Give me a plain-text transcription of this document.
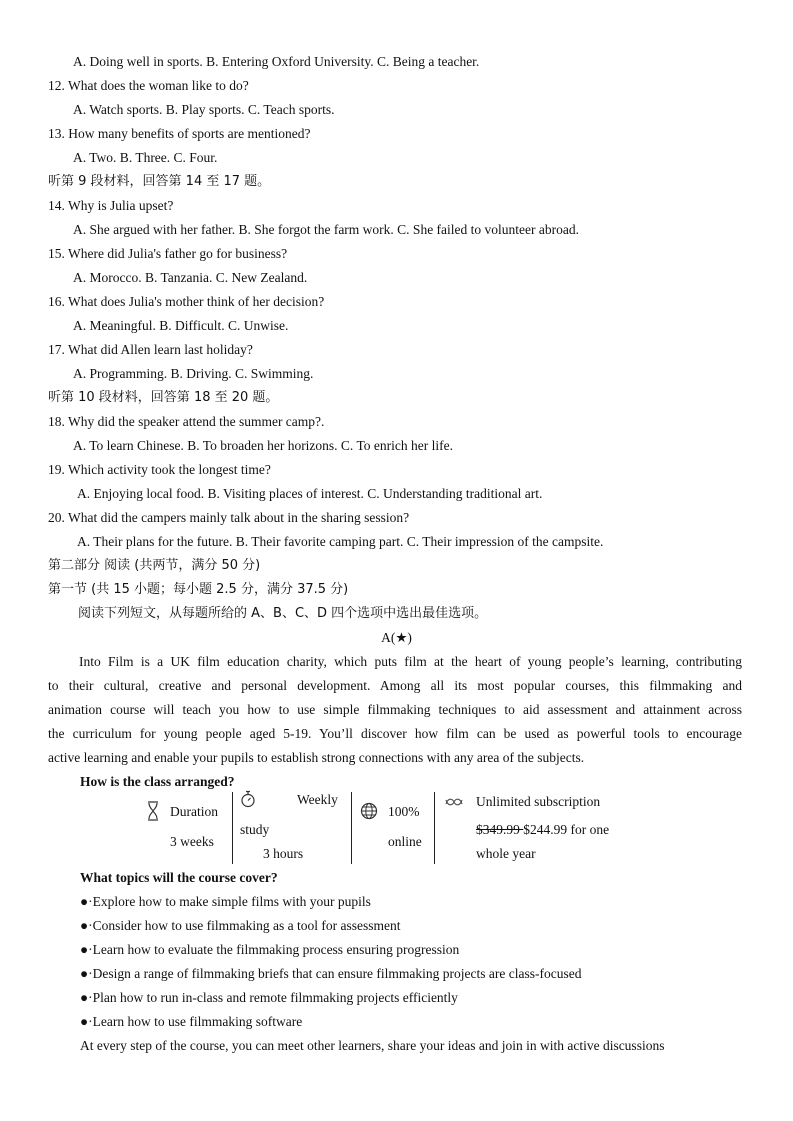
A. Doing well in sports. B. Entering Oxford University. C. Being a teacher.
12. What does the woman like to do?
A. Watch sports. B. Play sports. C. Teach sports.
13. How many benefits of sports are mentioned?
A. Two. B. Three. C. Four.
听第 9 段材料，回答第 14 至 17 题。
14. Why is Julia upset?
A. She argued with her father. B. She forgot the farm work. C. She failed to volunteer abroad.
15. Where did Julia's father go for business?
A. Morocco. B. Tanzania. C. New Zealand.
16. What does Julia's mother think of her decision?
A. Meaningful. B. Difficult. C. Unwise.
17. What did Allen learn last holiday?
A. Programming. B. Driving. C. Swimming.
听第 10 段材料，回答第 18 至 20 题。
18. Why did the speaker attend the summer camp?.
A. To learn Chinese. B. To broaden her horizons. C. To enrich her life.
19. Which activity took the longest time?
A. Enjoying local food. B. Visiting places of interest. C. Understanding traditional art.
20. What did the campers mainly talk about in the sharing session?
A. Their plans for the future. B. Their favorite camping part. C. Their impression of the campsite.
第二部分 阅读 (共两节，满分 50 分)
第一节 (共 15 小题；每小题 2.5 分，满分 37.5 分)
阅读下列短文，从每题所给的 A、B、C、D 四个选项中选出最佳选项。
A(★)
Into Film is a UK film education charity, which puts film at the heart of young people’s learning, contributing
to their cultural, creative and personal development. Among all its most popular courses, this filmmaking and
animation course will teach you how to use simple filmmaking techniques to aid assessment and attainment across
the curriculum for young people aged 5-19. You’ll discover how film can be used as powerful tools to encourage
active learning and enable your pupils to establish strong connections with any area of the subjects.
How is the class arranged?
Duration
3 weeks
Weekly
study
3 hours
100%
online
Unlimited subscription
$349.99 $244.99 for one
whole year
What topics will the course cover?
●·Explore how to make simple films with your pupils
●·Consider how to use filmmaking as a tool for assessment
●·Learn how to evaluate the filmmaking process ensuring progression
●·Design a range of filmmaking briefs that can ensure filmmaking projects are class-focused
●·Plan how to run in-class and remote filmmaking projects efficiently
●·Learn how to use filmmaking software
At every step of the course, you can meet other learners, share your ideas and join in with active discussions
